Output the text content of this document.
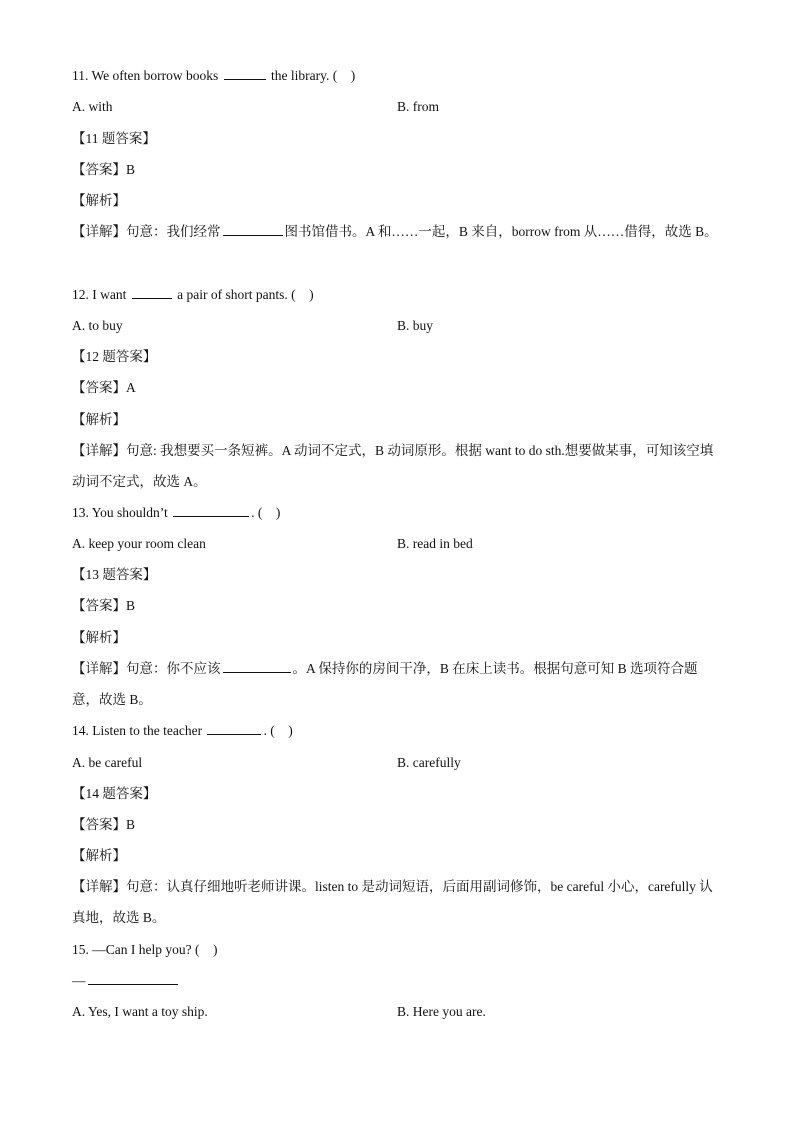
11. We often borrow books	the library. (　)
A. with	B. from
【11 题答案】
【答案】B
【解析】
【详解】句意：我们经常	图书馆借书。A 和……一起，B 来自，borrow from 从……借得，故选 B。
12. I want	a pair of short pants. (　)
A. to buy	B. buy
【12 题答案】
【答案】A
【解析】
【详解】句意: 我想要买一条短裤。A 动词不定式，B 动词原形。根据 want to do sth.想要做某事，可知该空填动词不定式，故选 A。
13. You shouldn’t	. (　)
A. keep your room clean	B. read in bed
【13 题答案】
【答案】B
【解析】
【详解】句意：你不应该	。A 保持你的房间干净，B 在床上读书。根据句意可知 B 选项符合题意，故选 B。
14. Listen to the teacher	. (　)
A. be careful	B. carefully
【14 题答案】
【答案】B
【解析】
【详解】句意：认真仔细地听老师讲课。listen to 是动词短语，后面用副词修饰，be careful 小心，carefully 认真地，故选 B。
15. —Can I help you? (　)
—
A. Yes, I want a toy ship.	B. Here you are.
